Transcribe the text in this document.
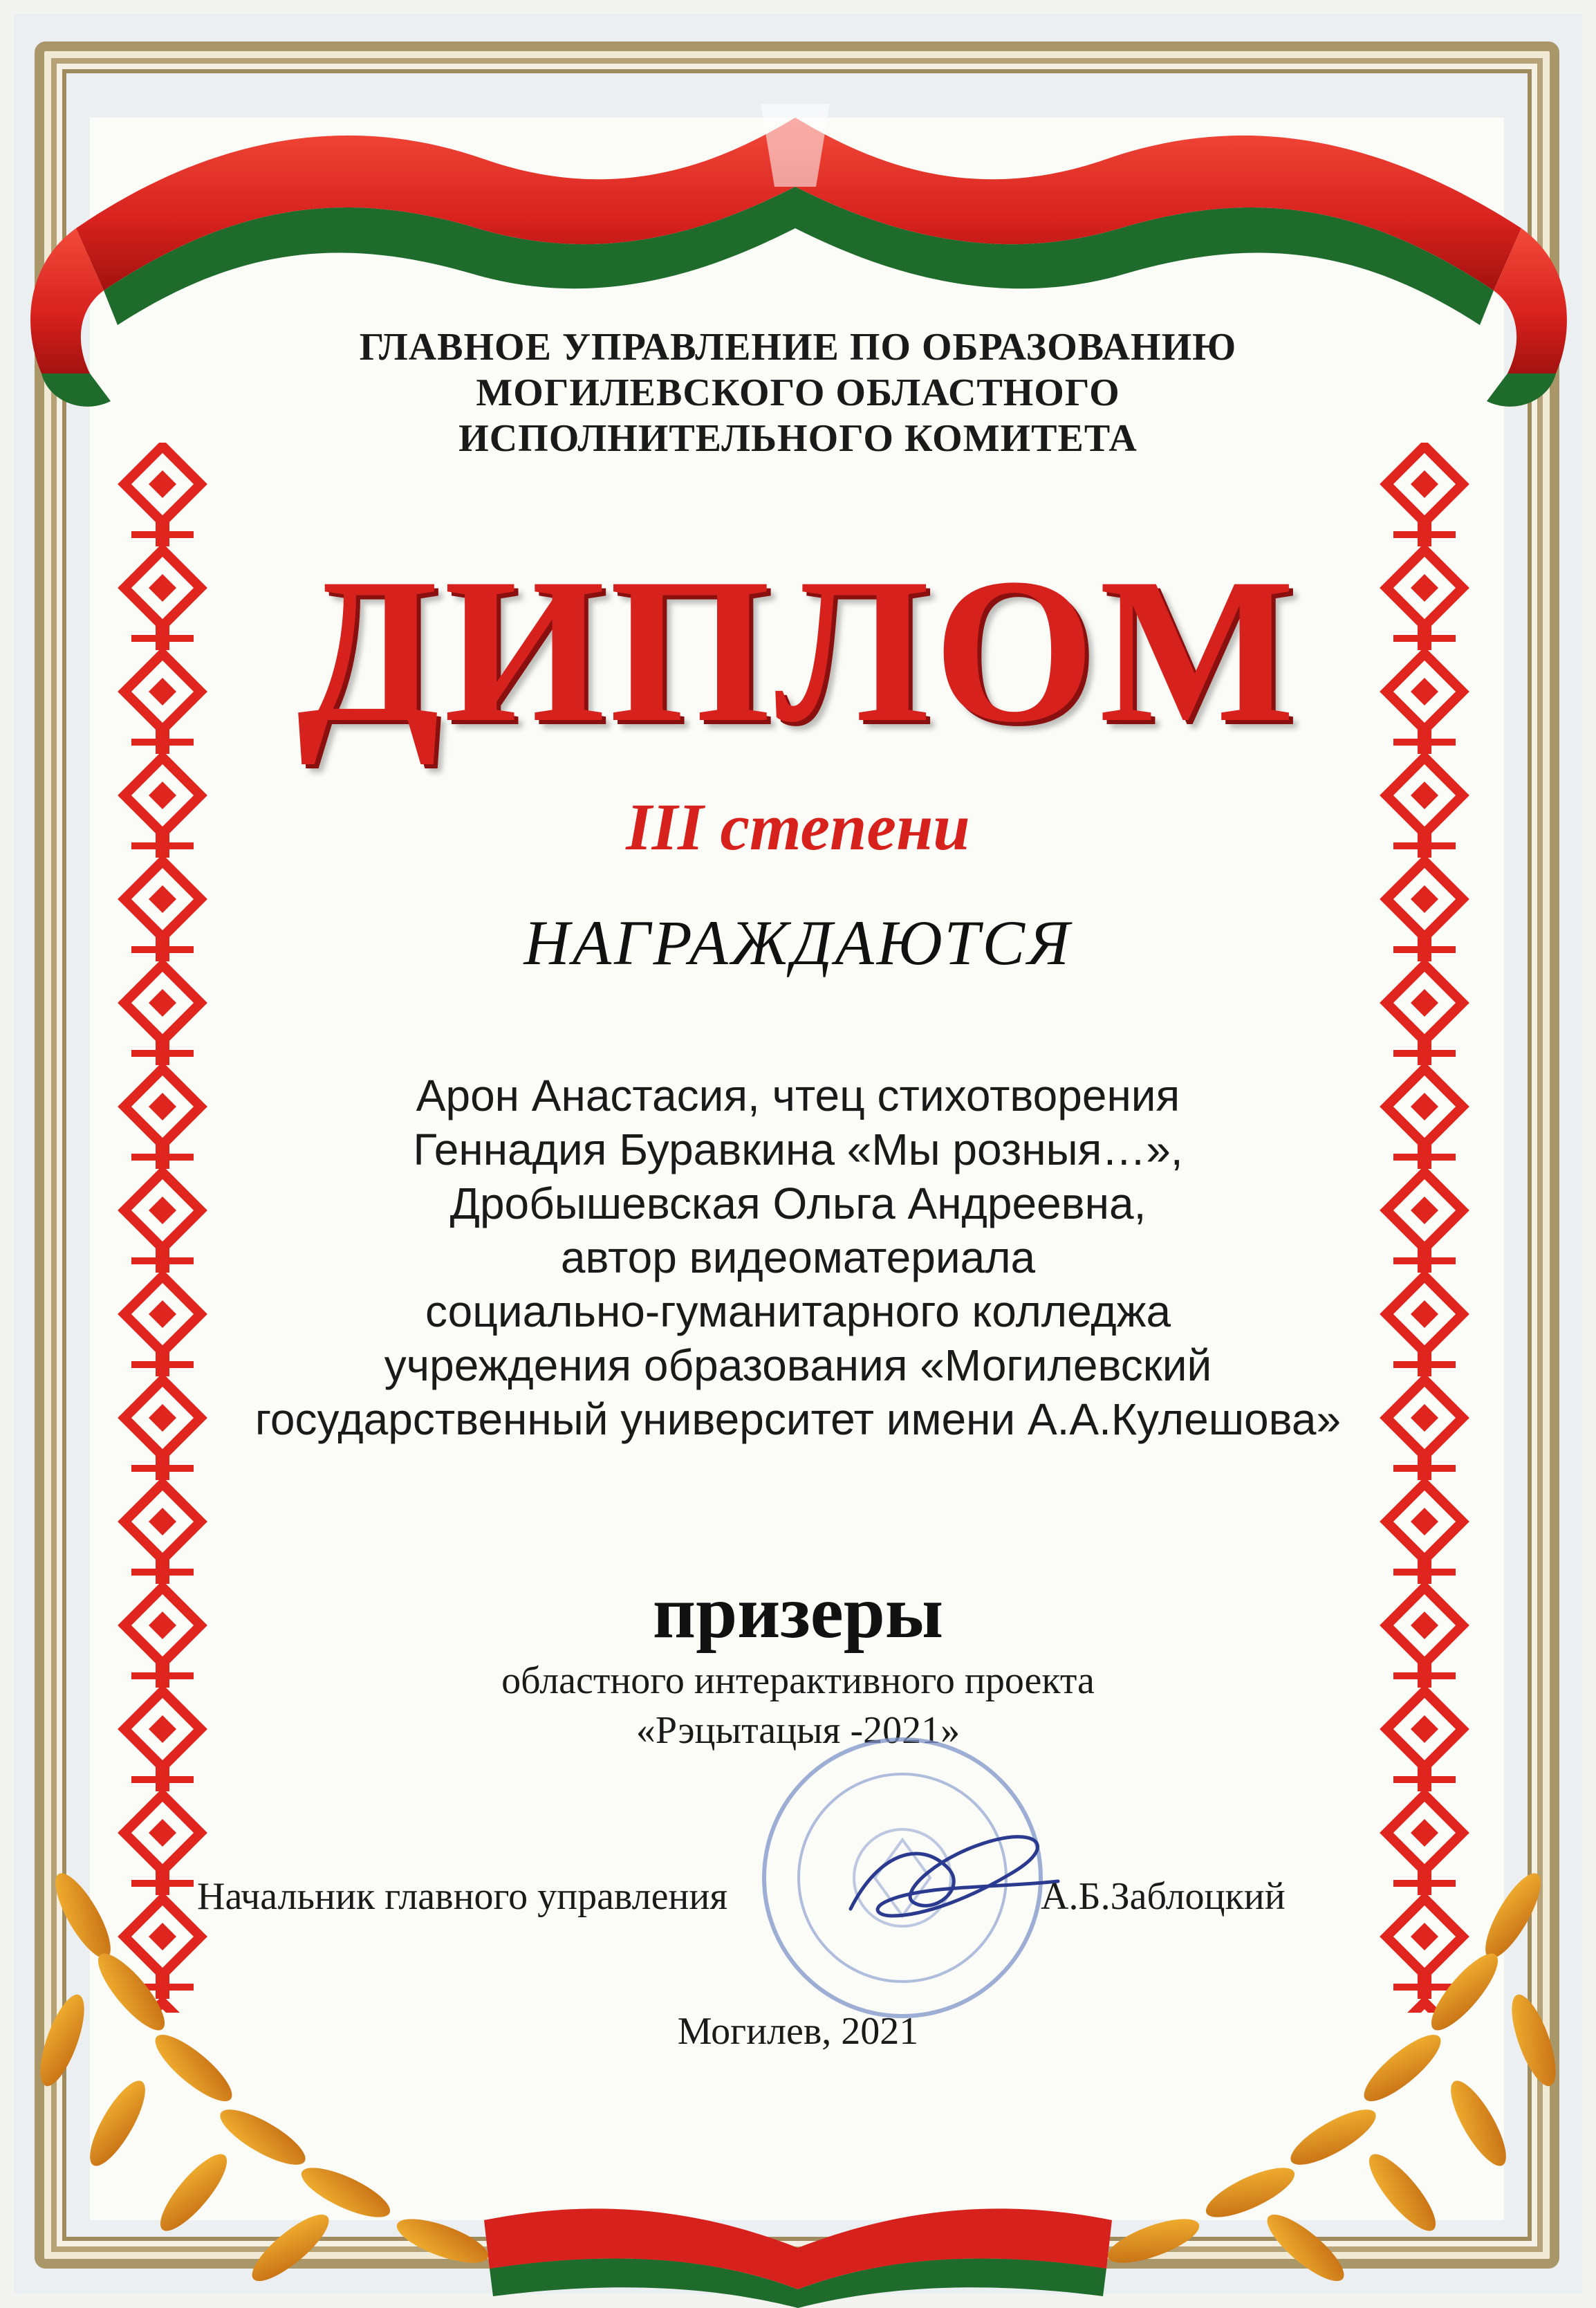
ГЛАВНОЕ УПРАВЛЕНИЕ ПО ОБРАЗОВАНИЮ
МОГИЛЕВСКОГО ОБЛАСТНОГО
ИСПОЛНИТЕЛЬНОГО КОМИТЕТА
ДИПЛОМ
III степени
НАГРАЖДАЮТСЯ
Арон Анастасия, чтец стихотворения
Геннадия Буравкина «Мы розныя…»,
Дробышевская Ольга Андреевна,
автор видеоматериала
социально-гуманитарного колледжа
учреждения образования «Могилевский
государственный университет имени А.А.Кулешова»
призеры
областного интерактивного проекта
«Рэцытацыя -2021»
Начальник главного управления	А.Б.Заблоцкий
Могилев, 2021
